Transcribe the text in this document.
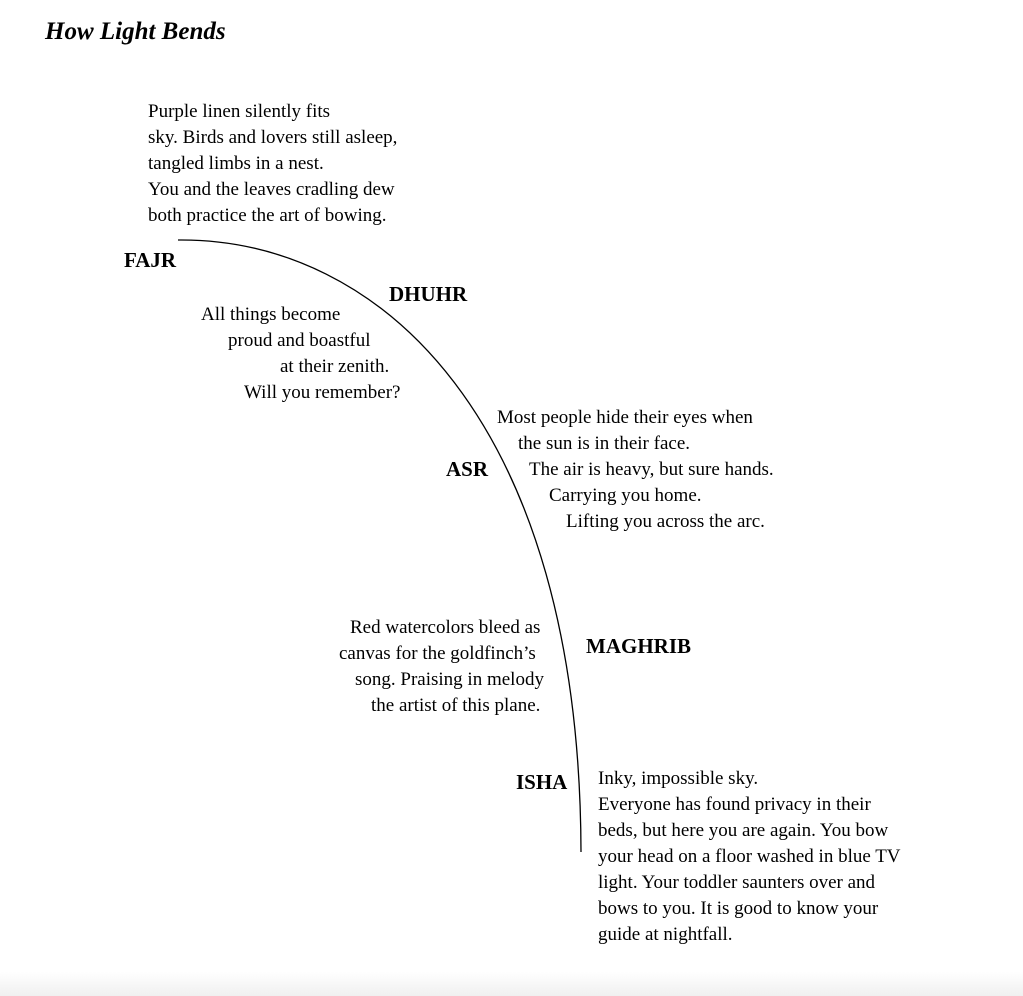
How Light Bends
Purple linen silently fits
sky. Birds and lovers still asleep,
tangled limbs in a nest.
You and the leaves cradling dew
both practice the art of bowing.
FAJR
DHUHR
All things become
proud and boastful
at their zenith.
Will you remember?
Most people hide their eyes when
the sun is in their face.
ASR The air is heavy, but sure hands.
Carrying you home.
Lifting you across the arc.
Red watercolors bleed as
canvas for the goldfinch’s MAGHRIB
song. Praising in melody
the artist of this plane.
ISHA Inky, impossible sky.
Everyone has found privacy in their
beds, but here you are again. You bow
your head on a floor washed in blue TV
light. Your toddler saunters over and
bows to you. It is good to know your
guide at nightfall.
